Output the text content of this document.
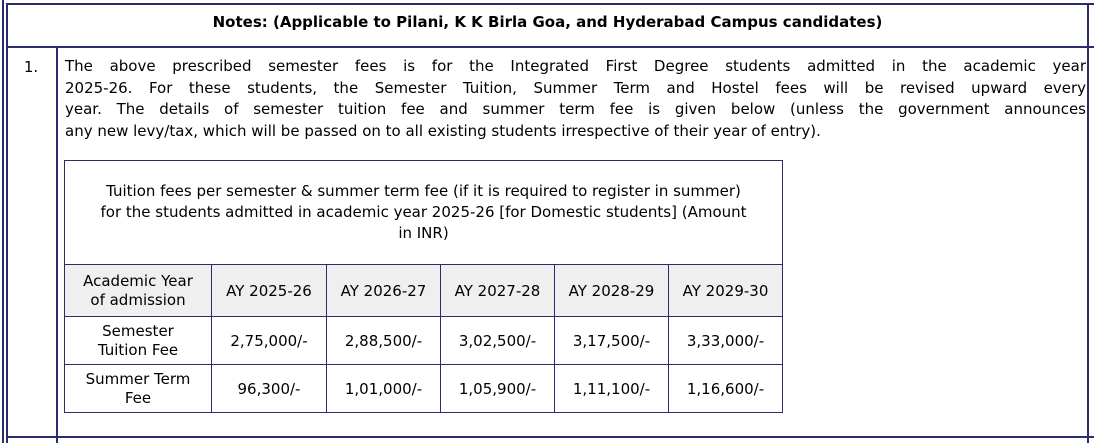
Notes: (Applicable to Pilani, K K Birla Goa, and Hyderabad Campus candidates)
1.	The above prescribed semester fees is for the Integrated First Degree students admitted in the academic year
2025-26. For these students, the Semester Tuition, Summer Term and Hostel fees will be revised upward every
year. The details of semester tuition fee and summer term fee is given below (unless the government announces
any new levy/tax, which will be passed on to all existing students irrespective of their year of entry).
Tuition fees per semester & summer term fee (if it is required to register in summer)
for the students admitted in academic year 2025-26 [for Domestic students] (Amount
in INR)					

Academic Year
of admission	AY 2025-26	AY 2026-27	AY 2027-28	AY 2028-29	AY 2029-30

Semester
Tuition Fee	2,75,000/-	2,88,500/-	3,02,500/-	3,17,500/-	3,33,000/-

Summer Term
Fee	96,300/-	1,01,000/-	1,05,900/-	1,11,100/-	1,16,600/-
